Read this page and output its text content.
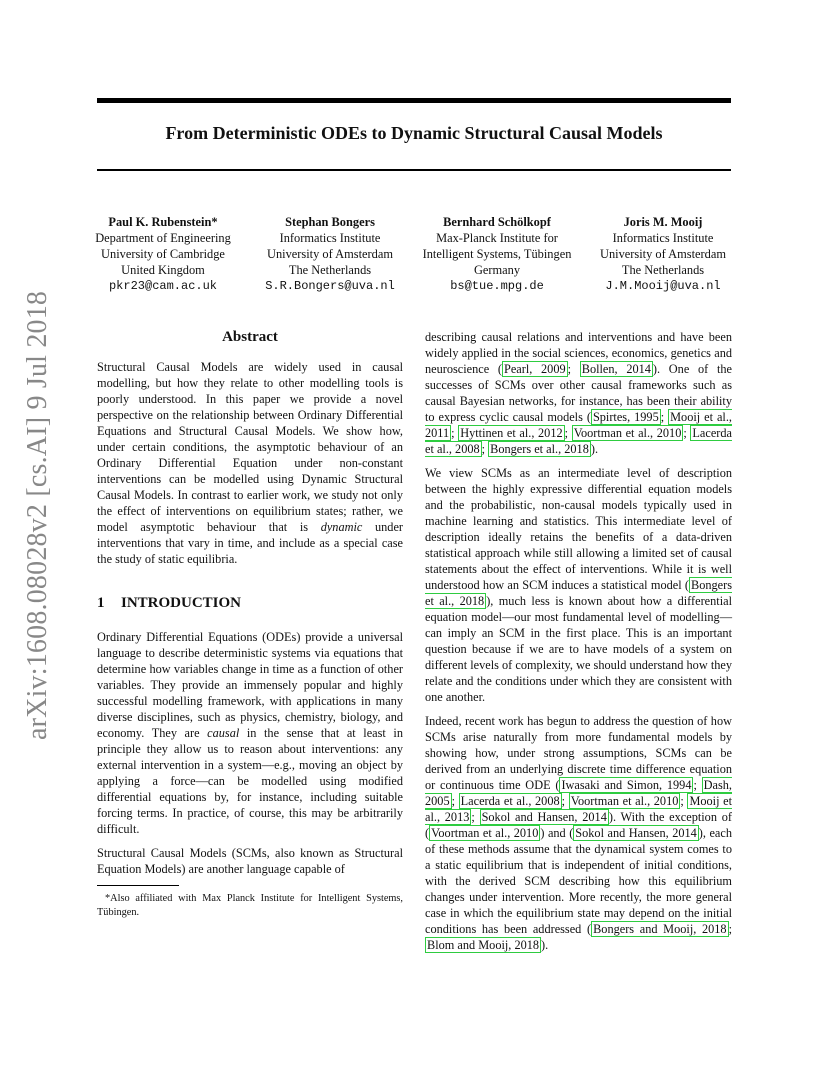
From Deterministic ODEs to Dynamic Structural Causal Models
arXiv:1608.08028v2 [cs.AI] 9 Jul 2018
Paul K. Rubenstein*
Department of Engineering
University of Cambridge
United Kingdom
pkr23@cam.ac.uk
Stephan Bongers
Informatics Institute
University of Amsterdam
The Netherlands
S.R.Bongers@uva.nl
Bernhard Schölkopf
Max-Planck Institute for
Intelligent Systems, Tübingen
Germany
bs@tue.mpg.de
Joris M. Mooij
Informatics Institute
University of Amsterdam
The Netherlands
J.M.Mooij@uva.nl
Abstract

Structural Causal Models are widely used in causal modelling, but how they relate to other modelling tools is poorly understood. In this paper we provide a novel perspective on the relationship between Ordinary Differential Equations and Structural Causal Models. We show how, under certain conditions, the asymptotic behaviour of an Ordinary Differential Equation under non-constant interventions can be modelled using Dynamic Structural Causal Models. In contrast to earlier work, we study not only the effect of interventions on equilibrium states; rather, we model asymptotic behaviour that is dynamic under interventions that vary in time, and include as a special case the study of static equilibria.

1 INTRODUCTION

Ordinary Differential Equations (ODEs) provide a universal language to describe deterministic systems via equations that determine how variables change in time as a function of other variables. They provide an immensely popular and highly successful modelling framework, with applications in many diverse disciplines, such as physics, chemistry, biology, and economy. They are causal in the sense that at least in principle they allow us to reason about interventions: any external intervention in a system—e.g., moving an object by applying a force—can be modelled using modified differential equations by, for instance, including suitable forcing terms. In practice, of course, this may be arbitrarily difficult.

Structural Causal Models (SCMs, also known as Structural Equation Models) are another language capable of

*Also affiliated with Max Planck Institute for Intelligent Systems, Tübingen.

describing causal relations and interventions and have been widely applied in the social sciences, economics, genetics and neuroscience ( Pearl, 2009 ; Bollen, 2014 ). One of the successes of SCMs over other causal frameworks such as causal Bayesian networks, for instance, has been their ability to express cyclic causal models ( Spirtes, 1995 ; Mooij et al., 2011 ; Hyttinen et al., 2012 ; Voortman et al., 2010 ; Lacerda et al., 2008 ; Bongers et al., 2018 ).

We view SCMs as an intermediate level of description between the highly expressive differential equation models and the probabilistic, non-causal models typically used in machine learning and statistics. This intermediate level of description ideally retains the benefits of a data-driven statistical approach while still allowing a limited set of causal statements about the effect of interventions. While it is well understood how an SCM induces a statistical model ( Bongers et al., 2018 ), much less is known about how a differential equation model—our most fundamental level of modelling—can imply an SCM in the first place. This is an important question because if we are to have models of a system on different levels of complexity, we should understand how they relate and the conditions under which they are consistent with one another.

Indeed, recent work has begun to address the question of how SCMs arise naturally from more fundamental models by showing how, under strong assumptions, SCMs can be derived from an underlying discrete time difference equation or continuous time ODE ( Iwasaki and Simon, 1994 ; Dash, 2005 ; Lacerda et al., 2008 ; Voortman et al., 2010 ; Mooij et al., 2013 ; Sokol and Hansen, 2014 ). With the exception of ( Voortman et al., 2010 ) and ( Sokol and Hansen, 2014 ), each of these methods assume that the dynamical system comes to a static equilibrium that is independent of initial conditions, with the derived SCM describing how this equilibrium changes under intervention. More recently, the more general case in which the equilibrium state may depend on the initial conditions has been addressed ( Bongers and Mooij, 2018 ; Blom and Mooij, 2018 ).
